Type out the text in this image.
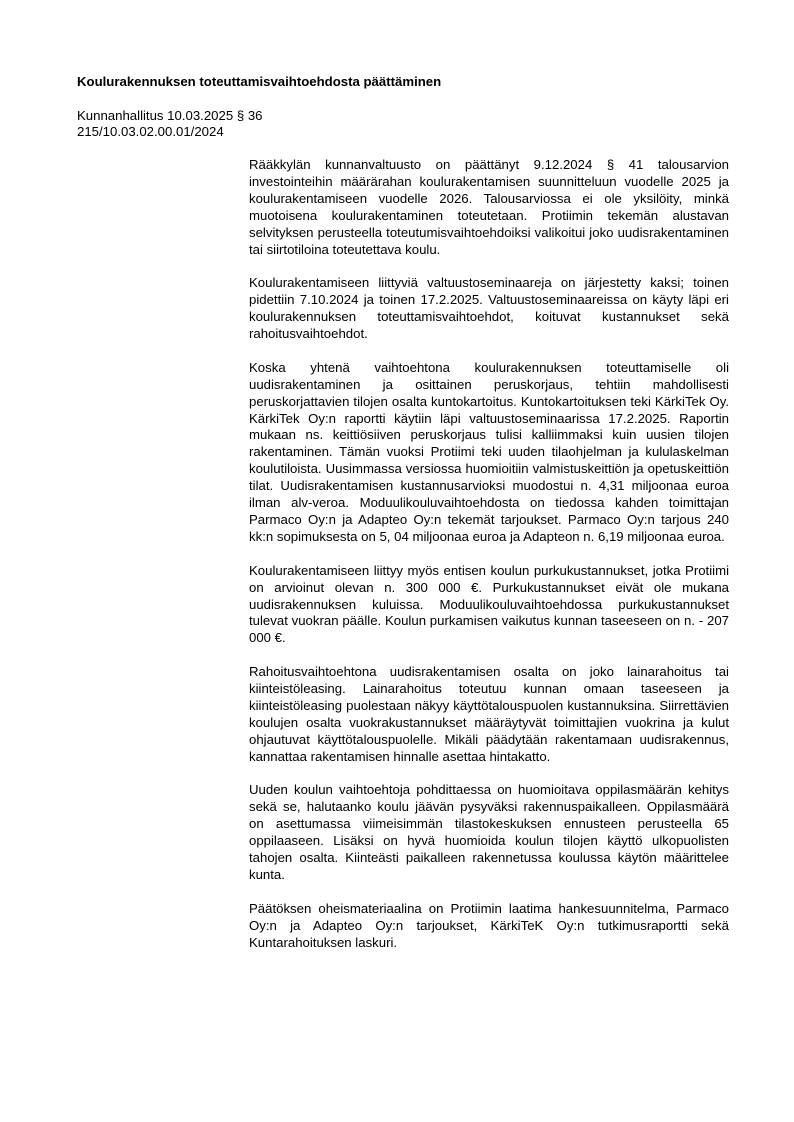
Koulurakennuksen toteuttamisvaihtoehdosta päättäminen
Kunnanhallitus 10.03.2025 § 36
215/10.03.02.00.01/2024

Rääkkylän kunnanvaltuusto on päättänyt 9.12.2024 § 41 talousarvion investointeihin määrärahan koulurakentamisen suunnitteluun vuodelle 2025 ja koulurakentamiseen vuodelle 2026. Talousarviossa ei ole yksilöity, minkä muotoisena koulurakentaminen toteutetaan. Protiimin tekemän alustavan selvityksen perusteella toteutumisvaihtoehdoiksi valikoitui joko uudisrakentaminen tai siirtotiloina toteutettava koulu.

Koulurakentamiseen liittyviä valtuustoseminaareja on järjestetty kaksi; toinen pidettiin 7.10.2024 ja toinen 17.2.2025. Valtuustoseminaareissa on käyty läpi eri koulurakennuksen toteuttamisvaihtoehdot, koituvat kustannukset sekä rahoitusvaihtoehdot.

Koska yhtenä vaihtoehtona koulurakennuksen toteuttamiselle oli uudisrakentaminen ja osittainen peruskorjaus, tehtiin mahdollisesti peruskorjattavien tilojen osalta kuntokartoitus. Kuntokartoituksen teki KärkiTek Oy. KärkiTek Oy:n raportti käytiin läpi valtuustoseminaarissa 17.2.2025. Raportin mukaan ns. keittiösiiven peruskorjaus tulisi kalliimmaksi kuin uusien tilojen rakentaminen. Tämän vuoksi Protiimi teki uuden tilaohjelman ja kululaskelman koulutiloista. Uusimmassa versiossa huomioitiin valmistuskeittiön ja opetuskeittiön tilat. Uudisrakentamisen kustannusarvioksi muodostui n. 4,31 miljoonaa euroa ilman alv-veroa. Moduulikouluvaihtoehdosta on tiedossa kahden toimittajan Parmaco Oy:n ja Adapteo Oy:n tekemät tarjoukset. Parmaco Oy:n tarjous 240 kk:n sopimuksesta on 5, 04 miljoonaa euroa ja Adapteon n. 6,19 miljoonaa euroa.

Koulurakentamiseen liittyy myös entisen koulun purkukustannukset, jotka Protiimi on arvioinut olevan n. 300 000 €. Purkukustannukset eivät ole mukana uudisrakennuksen kuluissa. Moduulikouluvaihtoehdossa purkukustannukset tulevat vuokran päälle. Koulun purkamisen vaikutus kunnan taseeseen on n. - 207 000 €.

Rahoitusvaihtoehtona uudisrakentamisen osalta on joko lainarahoitus tai kiinteistöleasing. Lainarahoitus toteutuu kunnan omaan taseeseen ja kiinteistöleasing puolestaan näkyy käyttötalouspuolen kustannuksina. Siirrettävien koulujen osalta vuokrakustannukset määräytyvät toimittajien vuokrina ja kulut ohjautuvat käyttötalouspuolelle. Mikäli päädytään rakentamaan uudisrakennus, kannattaa rakentamisen hinnalle asettaa hintakatto.

Uuden koulun vaihtoehtoja pohdittaessa on huomioitava oppilasmäärän kehitys sekä se, halutaanko koulu jäävän pysyväksi rakennuspaikalleen. Oppilasmäärä on asettumassa viimeisimmän tilastokeskuksen ennusteen perusteella 65 oppilaaseen. Lisäksi on hyvä huomioida koulun tilojen käyttö ulkopuolisten tahojen osalta. Kiinteästi paikalleen rakennetussa koulussa käytön määrittelee kunta.

Päätöksen oheismateriaalina on Protiimin laatima hankesuunnitelma, Parmaco Oy:n ja Adapteo Oy:n tarjoukset, KärkiTeK Oy:n tutkimusraportti sekä Kuntarahoituksen laskuri.
